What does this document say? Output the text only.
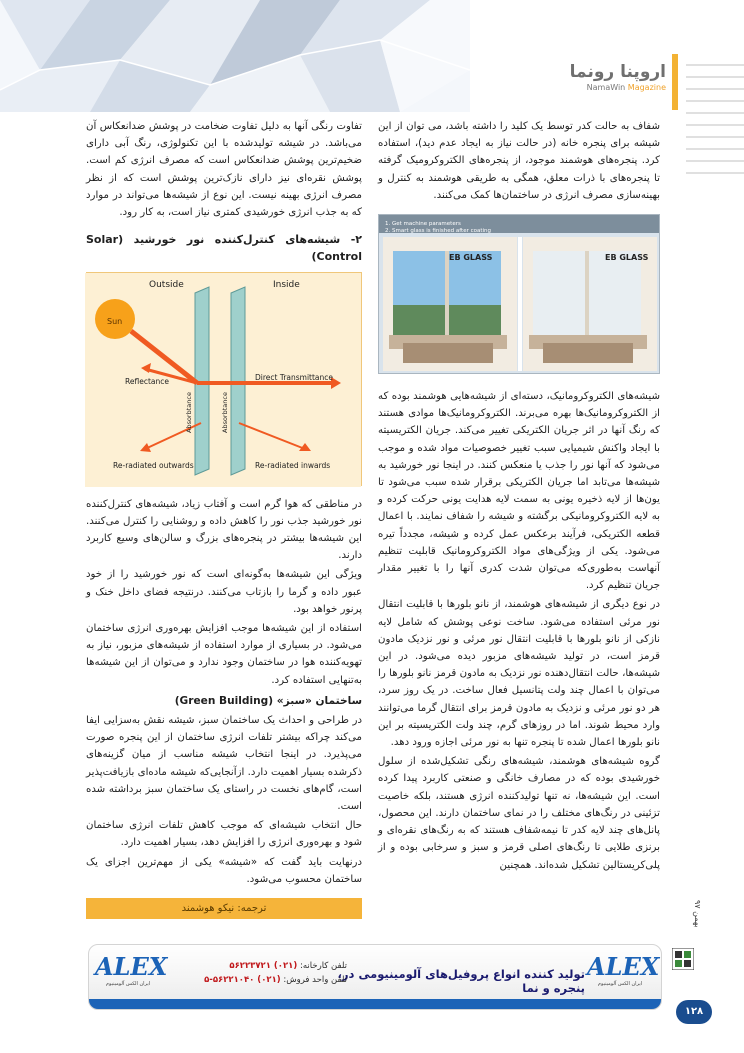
اروپنا رونما
NamaWin Magazine

شفاف به حالت کدر توسط یک کلید را داشته باشد، می توان از این شیشه برای پنجره خانه (در حالت نیاز به ایجاد عدم دید)، استفاده کرد. پنجره‌های هوشمند موجود، از پنجره‌های الکتروکرومیک گرفته تا پنجره‌های با ذرات معلق، همگی به طریقی هوشمند به کنترل و بهینه‌سازی مصرف انرژی در ساختمان‌ها کمک می‌کنند.

1. Get machine parameters
2. Smart glass is finished after coating
EB GLASS	EB GLASS

شیشه‌های الکتروکرومانیک، دسته‌ای از شیشه‌هایی هوشمند بوده که از الکتروکرومانیک‌ها بهره می‌برند. الکتروکرومانیک‌ها موادی هستند که رنگ آنها در اثر جریان الکتریکی تغییر می‌کند. جریان الکتریسیته با ایجاد واکنش شیمیایی سبب تغییر خصوصیات مواد شده و موجب می‌شود که آنها نور را جذب یا منعکس کنند. در اینجا نور خورشید به شیشه‌ها می‌تابد اما جریان الکتریکی برقرار شده سبب می‌شود تا یون‌ها از لایه ذخیره یونی به سمت لایه هدایت یونی حرکت کرده و به لایه الکتروکرومانیکی برگشته و شیشه را شفاف نمایند. با اعمال قطعه الکتریکی، فرآیند برعکس عمل کرده و شیشه، مجدداً تیره می‌شود. یکی از ویژگی‌های مواد الکتروکرومانیک قابلیت تنظیم آنهاست به‌طوری‌که می‌توان شدت کدری آنها را با تغییر مقدار جریان تنظیم کرد.

در نوع دیگری از شیشه‌های هوشمند، از نانو بلورها با قابلیت انتقال نور مرئی استفاده می‌شود. ساخت نوعی پوشش که شامل لایه نازکی از نانو بلورها با قابلیت انتقال نور مرئی و نور نزدیک مادون قرمز است، در تولید شیشه‌های مزبور دیده می‌شود. در این شیشه‌ها، حالت انتقال‌دهنده نور نزدیک به مادون قرمز نانو بلورها را می‌توان با اعمال چند ولت پتانسیل فعال ساخت. در یک روز سرد، هر دو نور مرئی و نزدیک به مادون قرمز برای انتقال گرما می‌توانند وارد محیط شوند. اما در روزهای گرم، چند ولت الکتریسیته بر این نانو بلورها اعمال شده تا پنجره تنها به نور مرئی اجازه ورود دهد.

گروه شیشه‌های هوشمند، شیشه‌های رنگی تشکیل‌شده از سلول خورشیدی بوده که در مصارف خانگی و صنعتی کاربرد پیدا کرده است. این شیشه‌ها، نه تنها تولیدکننده انرژی هستند، بلکه خاصیت تزئینی در رنگ‌های مختلف را در نمای ساختمان دارند. این محصول، پانل‌های چند لایه کدر تا نیمه‌شفاف هستند که به رنگ‌های نقره‌ای و برنزی طلایی تا رنگ‌های اصلی قرمز و سبز و سرخابی بوده و از پلی‌کریستالین تشکیل شده‌اند. همچنین

تفاوت رنگی آنها به دلیل تفاوت ضخامت در پوشش ضدانعکاس آن می‌باشد. در شیشه تولیدشده با این تکنولوژی، رنگ آبی دارای ضخیم‌ترین پوشش ضدانعکاس است که مصرف انرژی کم است. پوشش نقره‌ای نیز دارای نازک‌ترین پوشش است که از نظر مصرف انرژی بهینه نیست. این نوع از شیشه‌ها می‌تواند در موارد که به جذب انرژی خورشیدی کمتری نیاز است، به کار رود.

۲- شیشه‌های کنترل‌کننده نور خورشید (Solar Control)
Outside	Inside
Sun
Reflectance	Direct Transmittance
Absorbtance	Absorbtance
Re-radiated outwards	Re-radiated inwards

در مناطقی که هوا گرم است و آفتاب زیاد، شیشه‌های کنترل‌کننده نور خورشید جذب نور را کاهش داده و روشنایی را کنترل می‌کنند. این شیشه‌ها بیشتر در پنجره‌های بزرگ و سالن‌های وسیع کاربرد دارند.

ویژگی این شیشه‌ها به‌گونه‌ای است که نور خورشید را از خود عبور داده و گرما را بازتاب می‌کنند. درنتیجه فضای داخل خنک و پرنور خواهد بود.

استفاده از این شیشه‌ها موجب افزایش بهره‌وری انرژی ساختمان می‌شود. در بسیاری از موارد استفاده از شیشه‌های مزبور، نیاز به تهویه‌کننده هوا در ساختمان وجود ندارد و می‌توان از این شیشه‌ها به‌تنهایی استفاده کرد.

ساختمان «سبز» (Green Building)

در طراحی و احداث یک ساختمان سبز، شیشه نقش به‌سزایی ایفا می‌کند چراکه بیشتر تلفات انرژی ساختمان از این پنجره صورت می‌پذیرد. در اینجا انتخاب شیشه مناسب از میان گزینه‌های ذکرشده بسیار اهمیت دارد. ازآنجایی‌که شیشه ماده‌ای بازیافت‌پذیر است، گام‌های نخست در راستای یک ساختمان سبز برداشته شده است.

حال انتخاب شیشه‌ای که موجب کاهش تلفات انرژی ساختمان شود و بهره‌وری انرژی را افزایش دهد، بسیار اهمیت دارد.

درنهایت باید گفت که «شیشه» یکی از مهم‌ترین اجزای یک ساختمان محسوب می‌شود.

ترجمه: نیکو هوشمند	بهمن ۹۷
۱۲۸
ALEX
ایران الکس آلومینیوم
تولید کننده انواع پروفیل‌های آلومینیومی در، پنجره و نما
تلفن کارخانه: (۰۲۱) ۵۶۲۲۳۷۲۱
تلفن واحد فروش: (۰۲۱) ۵۶۲۲۱۰۴۰-۵
ALEX
ایران الکس آلومینیوم
